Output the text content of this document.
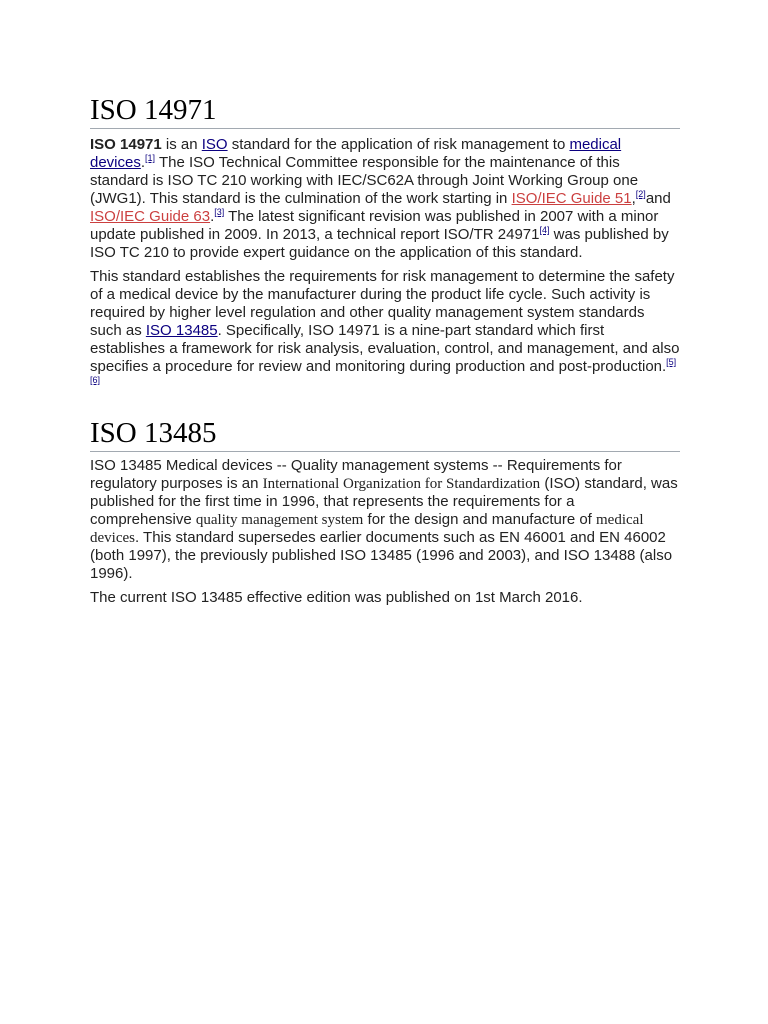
ISO 14971

ISO 14971 is an ISO standard for the application of risk management to medical devices.[1] The ISO Technical Committee responsible for the maintenance of this standard is ISO TC 210 working with IEC/SC62A through Joint Working Group one (JWG1). This standard is the culmination of the work starting in ISO/IEC Guide 51,[2]and ISO/IEC Guide 63.[3] The latest significant revision was published in 2007 with a minor update published in 2009. In 2013, a technical report ISO/TR 24971[4] was published by ISO TC 210 to provide expert guidance on the application of this standard.

This standard establishes the requirements for risk management to determine the safety of a medical device by the manufacturer during the product life cycle. Such activity is required by higher level regulation and other quality management system standards such as ISO 13485. Specifically, ISO 14971 is a nine-part standard which first establishes a framework for risk analysis, evaluation, control, and management, and also specifies a procedure for review and monitoring during production and post-production.[5][6]

ISO 13485

ISO 13485 Medical devices -- Quality management systems -- Requirements for regulatory purposes is an International Organization for Standardization (ISO) standard, was published for the first time in 1996, that represents the requirements for a comprehensive quality management system for the design and manufacture of medical devices. This standard supersedes earlier documents such as EN 46001 and EN 46002 (both 1997), the previously published ISO 13485 (1996 and 2003), and ISO 13488 (also 1996).

The current ISO 13485 effective edition was published on 1st March 2016.
